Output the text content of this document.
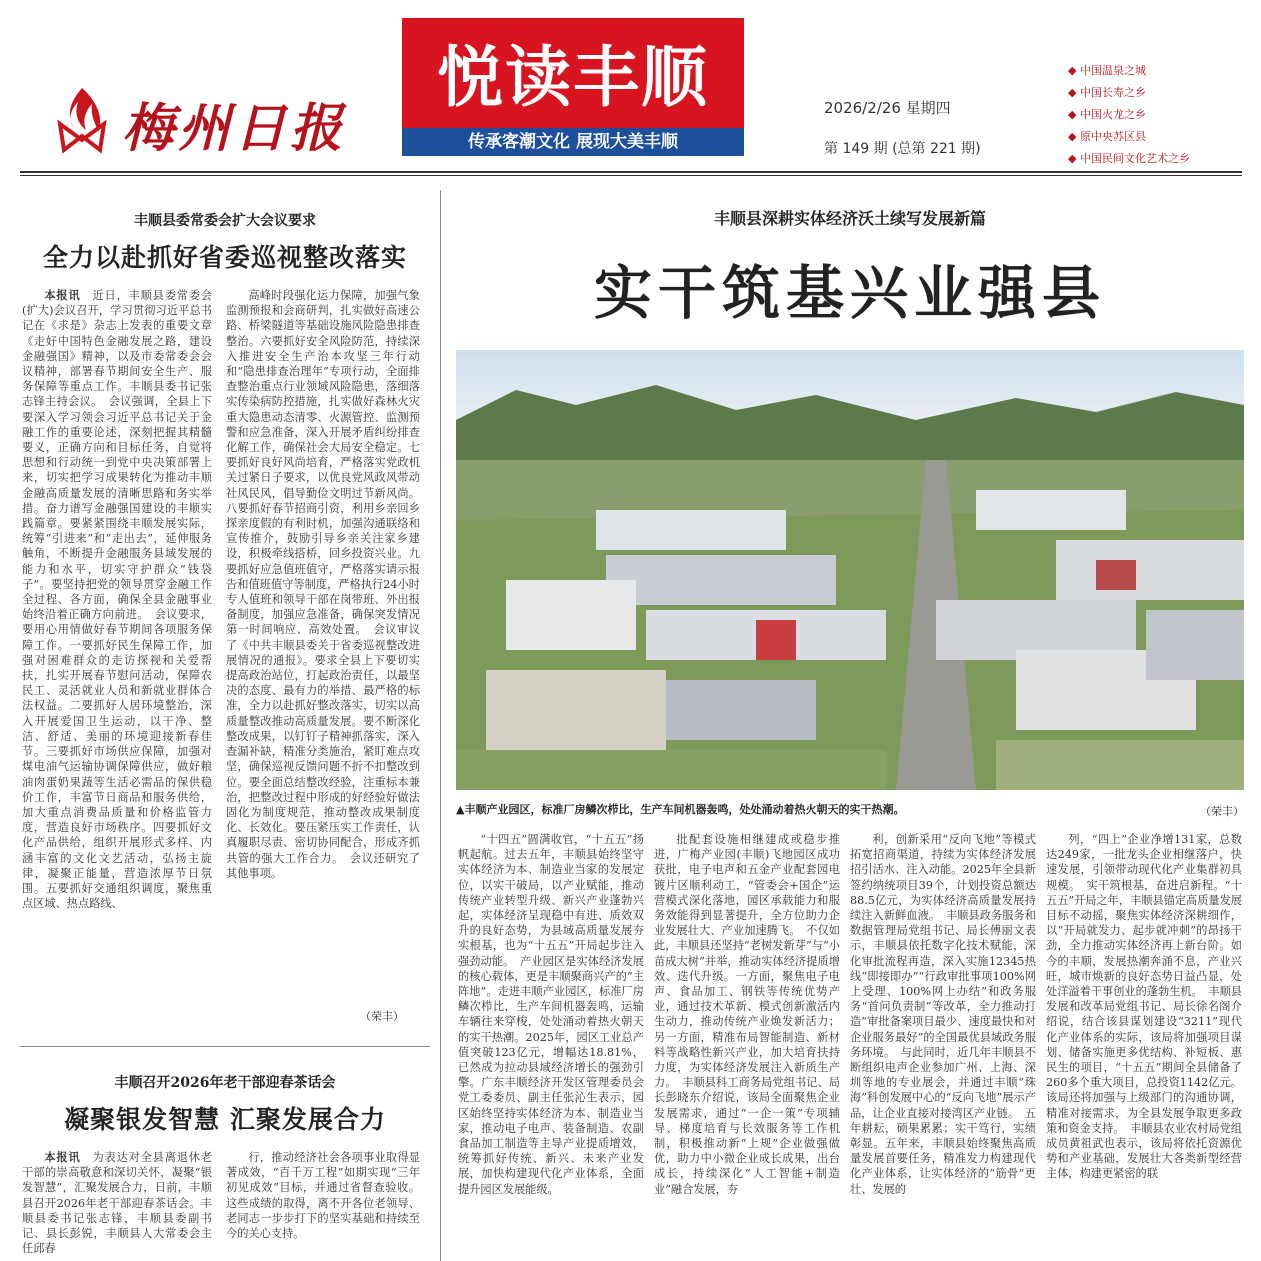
梅州日报
悦读丰顺
传承客潮文化 展现大美丰顺
2026/2/26 星期四
第 149 期 (总第 221 期)
◆ 中国温泉之城
◆ 中国长寿之乡
◆ 中国火龙之乡
◆ 原中央苏区县
◆ 中国民间文化艺术之乡
丰顺县委常委会扩大会议要求
全力以赴抓好省委巡视整改落实
本报讯　 近日，丰顺县委常委会(扩大)会议召开，学习贯彻习近平总书记在《求是》杂志上发表的重要文章《走好中国特色金融发展之路，建设金融强国》精神，以及市委常委会会议精神，部署春节期间安全生产、服务保障等重点工作。丰顺县委书记张志锋主持会议。　会议强调，全县上下要深入学习领会习近平总书记关于金融工作的重要论述，深刻把握其精髓要义，正确方向和目标任务，自觉将思想和行动统一到党中央决策部署上来，切实把学习成果转化为推动丰顺金融高质量发展的清晰思路和务实举措。奋力谱写金融强国建设的丰顺实践篇章。要紧紧围绕丰顺发展实际，统筹“引进来”和“走出去”，延伸服务触角，不断提升金融服务县域发展的能力和水平，切实守护群众“钱袋子”。要坚持把党的领导贯穿金融工作全过程、各方面，确保全县金融事业始终沿着正确方向前进。　会议要求，要用心用情做好春节期间各项服务保障工作。一要抓好民生保障工作，加强对困难群众的走访探视和关爱帮扶，扎实开展春节慰问活动，保障农民工、灵活就业人员和新就业群体合法权益。二要抓好人居环境整治，深入开展爱国卫生运动，以干净、整洁、舒适、美丽的环境迎接新春佳节。三要抓好市场供应保障，加强对煤电油气运输协调保障供应，做好粮油肉蛋奶果蔬等生活必需品的保供稳价工作，丰富节日商品和服务供给，加大重点消费品质量和价格监管力度，营造良好市场秩序。四要抓好文化产品供给，组织开展形式多样、内涵丰富的文化文艺活动，弘扬主旋律，凝聚正能量，营造浓厚节日氛围。五要抓好交通组织调度，聚焦重点区域、热点路线、
高峰时段强化运力保障，加强气象监测预报和会商研判，扎实做好高速公路、桥梁隧道等基础设施风险隐患排查整治。六要抓好安全风险防范，持续深入推进安全生产治本攻坚三年行动和“隐患排查治理年”专项行动，全面排查整治重点行业领域风险隐患，落细落实传染病防控措施，扎实做好森林火灾重大隐患动态清零、火源管控、监测预警和应急准备，深入开展矛盾纠纷排查化解工作，确保社会大局安全稳定。七要抓好良好风尚培育，严格落实党政机关过紧日子要求，以优良党风政风带动社风民风，倡导勤俭文明过节新风尚。八要抓好春节招商引资，利用乡亲回乡探亲度假的有利时机，加强沟通联络和宣传推介，鼓励引导乡亲关注家乡建设，积极牵线搭桥，回乡投资兴业。九要抓好应急值班值守，严格落实请示报告和值班值守等制度，严格执行24小时专人值班和领导干部在岗带班、外出报备制度，加强应急准备，确保突发情况第一时间响应、高效处置。　会议审议了《中共丰顺县委关于省委巡视整改进展情况的通报》。要求全县上下要切实提高政治站位，打起政治责任，以最坚决的态度、最有力的举措、最严格的标准，全力以赴抓好整改落实，切实以高质量整改推动高质量发展。要不断深化整改成果，以钉钉子精神抓落实，深入查漏补缺，精准分类施治，紧盯难点攻坚，确保巡视反馈问题不折不扣整改到位。要全面总结整改经验，注重标本兼治，把整改过程中形成的好经验好做法固化为制度规范，推动整改成果制度化、长效化。要压紧压实工作责任，认真履职尽责、密切协同配合，形成齐抓共管的强大工作合力。　会议还研究了其他事项。
（荣丰）
丰顺召开2026年老干部迎春茶话会
凝聚银发智慧 汇聚发展合力
本报讯　 为表达对全县离退休老干部的崇高敬意和深切关怀，凝聚“银发智慧”，汇聚发展合力，日前，丰顺县召开2026年老干部迎春茶话会。丰顺县委书记张志锋，丰顺县委副书记、县长彭锐，丰顺县人大常委会主任邱春
行，推动经济社会各项事业取得显著成效，“百千万工程”如期实现“三年初见成效”目标，并通过省督查验收。这些成绩的取得，离不开各位老领导、老同志一步步打下的坚实基础和持续至今的关心支持。
丰顺县深耕实体经济沃土续写发展新篇
实干筑基兴业强县
▲丰顺产业园区，标准厂房鳞次栉比，生产车间机器轰鸣，处处涌动着热火朝天的实干热潮。	（荣丰）
“十四五”圆满收官，“十五五”扬帆起航。过去五年，丰顺县始终坚守实体经济为本、制造业当家的发展定位，以实干破局，以产业赋能，推动传统产业转型升级、新兴产业蓬勃兴起，实体经济呈现稳中有进、质效双升的良好态势，为县域高质量发展夯实根基，也为“十五五”开局起步注入强劲动能。　产业园区是实体经济发展的核心载体，更是丰顺聚商兴产的“主阵地”。走进丰顺产业园区，标准厂房鳞次栉比，生产车间机器轰鸣，运输车辆往来穿梭，处处涌动着热火朝天的实干热潮。2025年，园区工业总产值突破123亿元，增幅达18.81%，已然成为拉动县域经济增长的强劲引擎。广东丰顺经济开发区管理委员会党工委委员、副主任张沁生表示，园区始终坚持实体经济为本、制造业当家，推动电子电声、装备制造、农副食品加工制造等主导产业提质增效，统筹抓好传统、新兴、未来产业发展，加快构建现代化产业体系，全面提升园区发展能级。
批配套设施相继建成或稳步推进，广梅产业园(丰顺)飞地园区成功获批，电子电声和五金产业配套园电镀片区顺利动工，“管委会+国企”运营模式深化落地，园区承载能力和服务效能得到显著提升，全方位助力企业发展壮大、产业加速腾飞。　不仅如此，丰顺县还坚持“老树发新芽”与“小苗成大树”并举，推动实体经济提质增效、迭代升级。一方面，聚焦电子电声、食品加工、钢铁等传统优势产业，通过技术革新、模式创新激活内生动力，推动传统产业焕发新活力；另一方面，精准布局智能制造、新材料等战略性新兴产业，加大培育扶持力度，为实体经济发展注入新质生产力。　丰顺县科工商务局党组书记、局长彭晓东介绍说，该局全面聚焦企业发展需求，通过“一企一策”专项辅导、梯度培育与长效服务等工作机制，积极推动新“上规”企业做强做优，助力中小微企业成长成果，出台成长，持续深化“人工智能+制造业”融合发展，夯
利，创新采用“反向飞地”等模式拓宽招商渠道，持续为实体经济发展招引活水、注入动能。2025年全县新签约纳统项目39个，计划投资总额达88.5亿元，为实体经济高质量发展持续注入新鲜血液。　丰顺县政务服务和数据管理局党组书记、局长傅丽文表示，丰顺县依托数字化技术赋能，深化审批流程再造，深入实施12345热线“即接即办”“行政审批事项100%网上受理、100%网上办结”和政务服务“首问负责制”等改革，全力推动打造“审批备案项目最少、速度最快和对企业服务最好”的全国最优县域政务服务环境。　与此同时，近几年丰顺县不断组织电声企业参加广州、上海、深圳等地的专业展会，并通过丰顺“珠海”科创发展中心的“反向飞地”展示产品，让企业直接对接湾区产业链。　五年耕耘，硕果累累；实干笃行，实绩彰显。五年来，丰顺县始终聚焦高质量发展首要任务，精准发力构建现代化产业体系，让实体经济的“筋骨”更壮、发展的
列，“四上”企业净增131家，总数达249家，一批龙头企业相继落户，快速发展，引领带动现代化产业集群初具规模。　实干筑根基，奋进启新程。“十五五”开局之年，丰顺县锚定高质量发展目标不动摇，聚焦实体经济深耕细作，以“开局就发力、起步就冲刺”的昂扬干劲，全力推动实体经济再上新台阶。如今的丰顺，发展热潮奔涌不息，产业兴旺，城市焕新的良好态势日益凸显，处处洋溢着干事创业的蓬勃生机。　丰顺县发展和改革局党组书记、局长徐名阁介绍说，结合该县谋划建设“3211”现代化产业体系的实际，该局将加强项目谋划、储备实施更多优结构、补短板、惠民生的项目，“十五五”期间全县储备了260多个重大项目，总投资1142亿元。该局还将加强与上级部门的沟通协调，精准对接需求，为全县发展争取更多政策和资金支持。　丰顺县农业农村局党组成员黄祖武也表示，该局将依托资源优势和产业基础，发展壮大各类新型经营主体，构建更紧密的联
